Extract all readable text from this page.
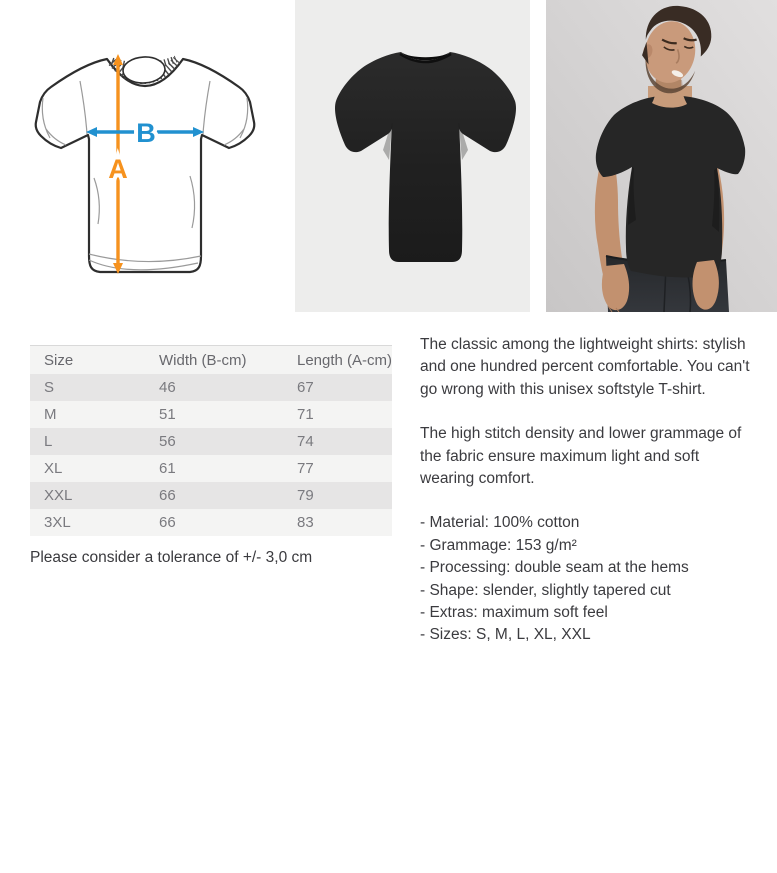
A
B
Size	Width (B-cm)	Length (A-cm)
S	46	67
M	51	71
L	56	74
XL	61	77
XXL	66	79
3XL	66	83
Please consider a tolerance of +/- 3,0 cm

The classic among the lightweight shirts: stylish and one hundred percent comfortable. You can't go wrong with this unisex softstyle T-shirt.

The high stitch density and lower grammage of the fabric ensure maximum light and soft wearing comfort.

- Material: 100% cotton
- Grammage: 153 g/m²
- Processing: double seam at the hems
- Shape: slender, slightly tapered cut
- Extras: maximum soft feel
- Sizes: S, M, L, XL, XXL
